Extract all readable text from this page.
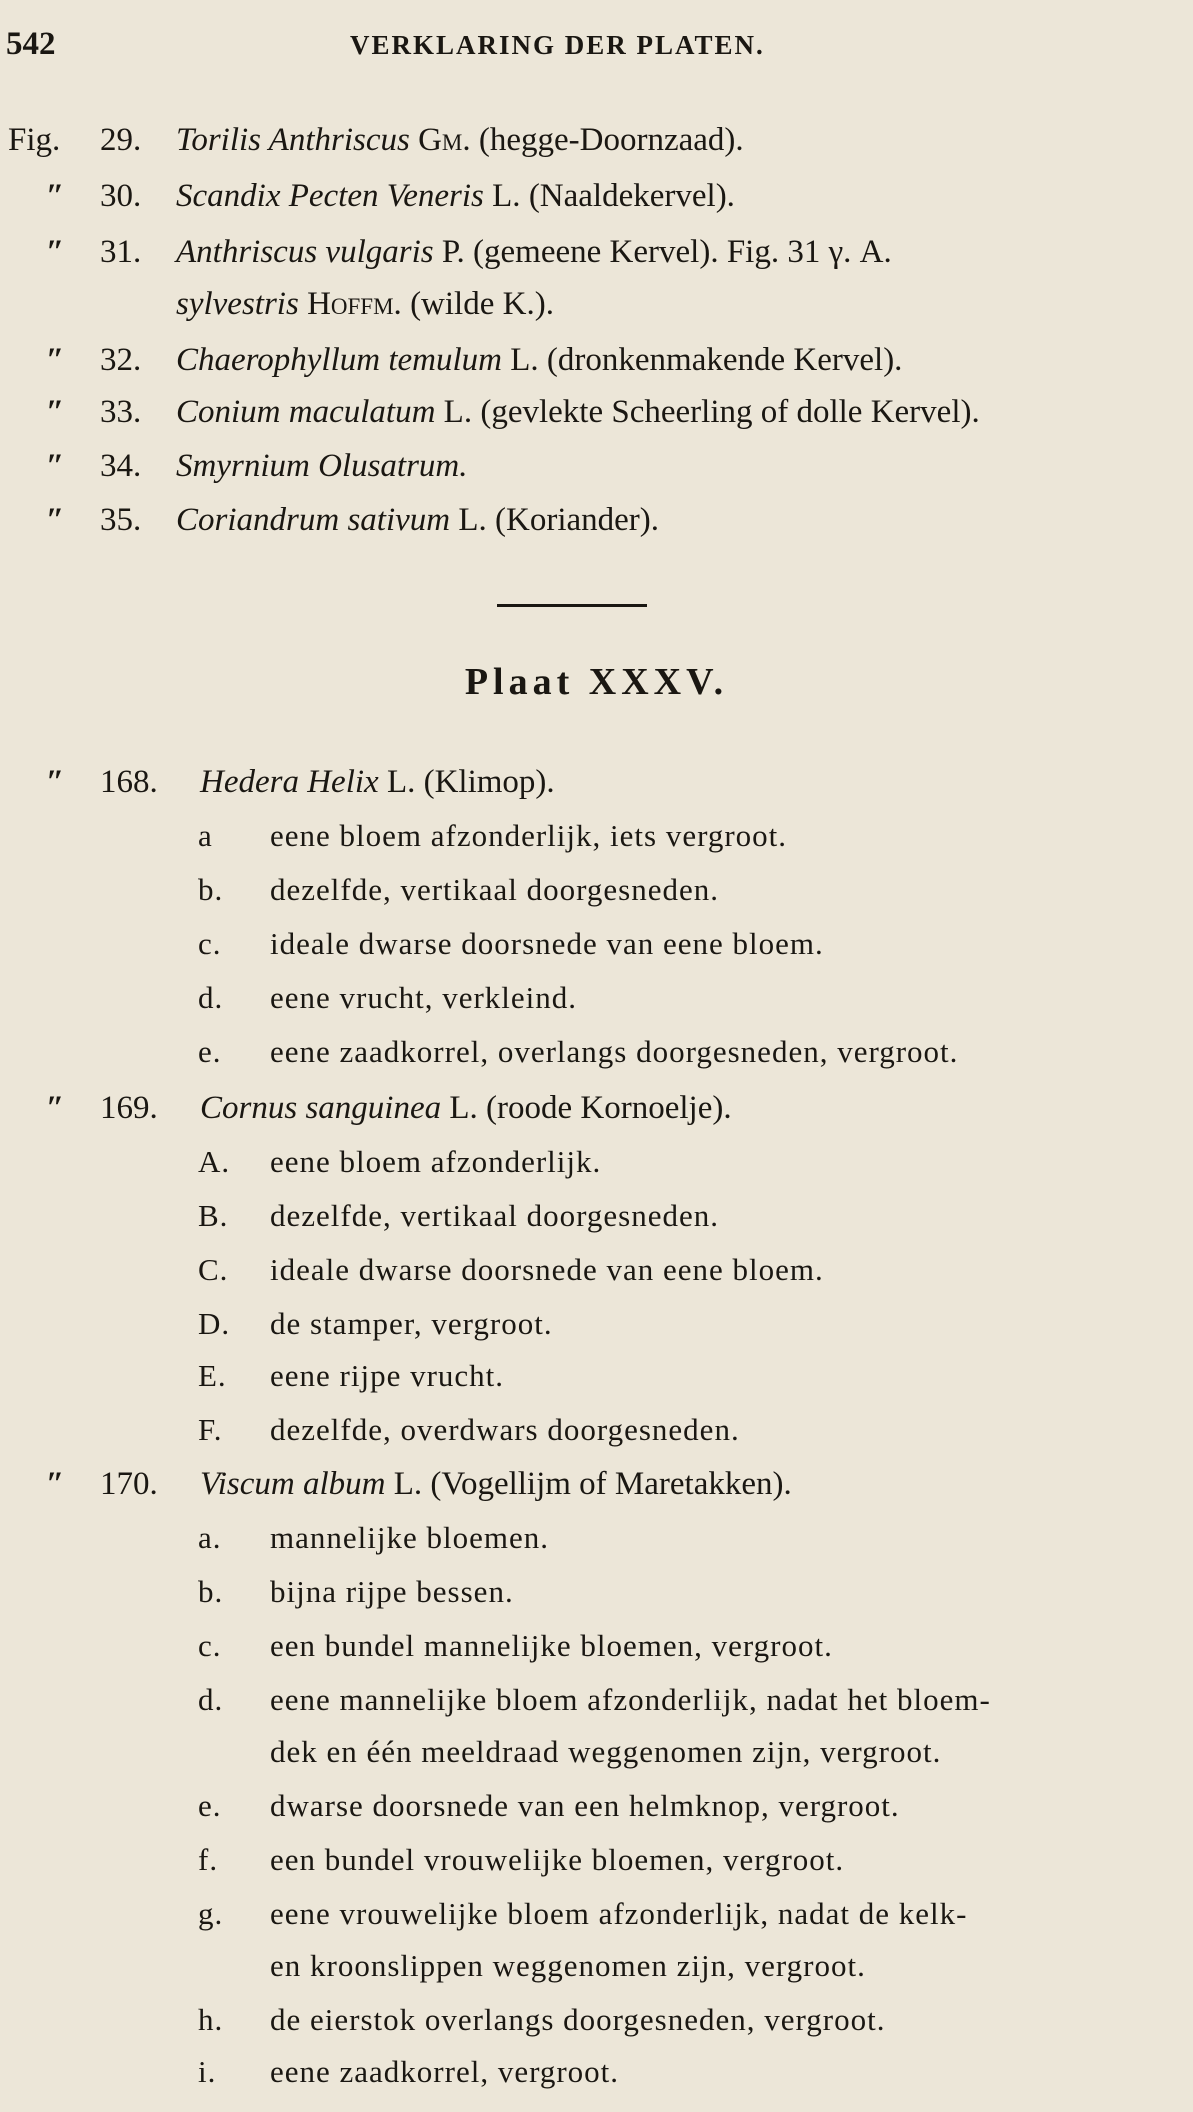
542	VERKLARING DER PLATEN.
Fig. 29. Torilis Anthriscus Gm. (hegge-Doornzaad).
″ 30. Scandix Pecten Veneris L. (Naaldekervel).
″ 31. Anthriscus vulgaris P. (gemeene Kervel). Fig. 31 γ. A.
sylvestris Hoffm. (wilde K.).
″ 32. Chaerophyllum temulum L. (dronkenmakende Kervel).
″ 33. Conium maculatum L. (gevlekte Scheerling of dolle Kervel).
″ 34. Smyrnium Olusatrum.
″ 35. Coriandrum sativum L. (Koriander).
Plaat XXXV.
″ 168. Hedera Helix L. (Klimop).
a eene bloem afzonderlijk, iets vergroot.
b. dezelfde, vertikaal doorgesneden.
c. ideale dwarse doorsnede van eene bloem.
d. eene vrucht, verkleind.
e. eene zaadkorrel, overlangs doorgesneden, vergroot.
″ 169. Cornus sanguinea L. (roode Kornoelje).
A. eene bloem afzonderlijk.
B. dezelfde, vertikaal doorgesneden.
C. ideale dwarse doorsnede van eene bloem.
D. de stamper, vergroot.
E. eene rijpe vrucht.
F. dezelfde, overdwars doorgesneden.
″ 170. Viscum album L. (Vogellijm of Maretakken).
a. mannelijke bloemen.
b. bijna rijpe bessen.
c. een bundel mannelijke bloemen, vergroot.
d. eene mannelijke bloem afzonderlijk, nadat het bloem-
dek en één meeldraad weggenomen zijn, vergroot.
e. dwarse doorsnede van een helmknop, vergroot.
f. een bundel vrouwelijke bloemen, vergroot.
g. eene vrouwelijke bloem afzonderlijk, nadat de kelk-
en kroonslippen weggenomen zijn, vergroot.
h. de eierstok overlangs doorgesneden, vergroot.
i. eene zaadkorrel, vergroot.
